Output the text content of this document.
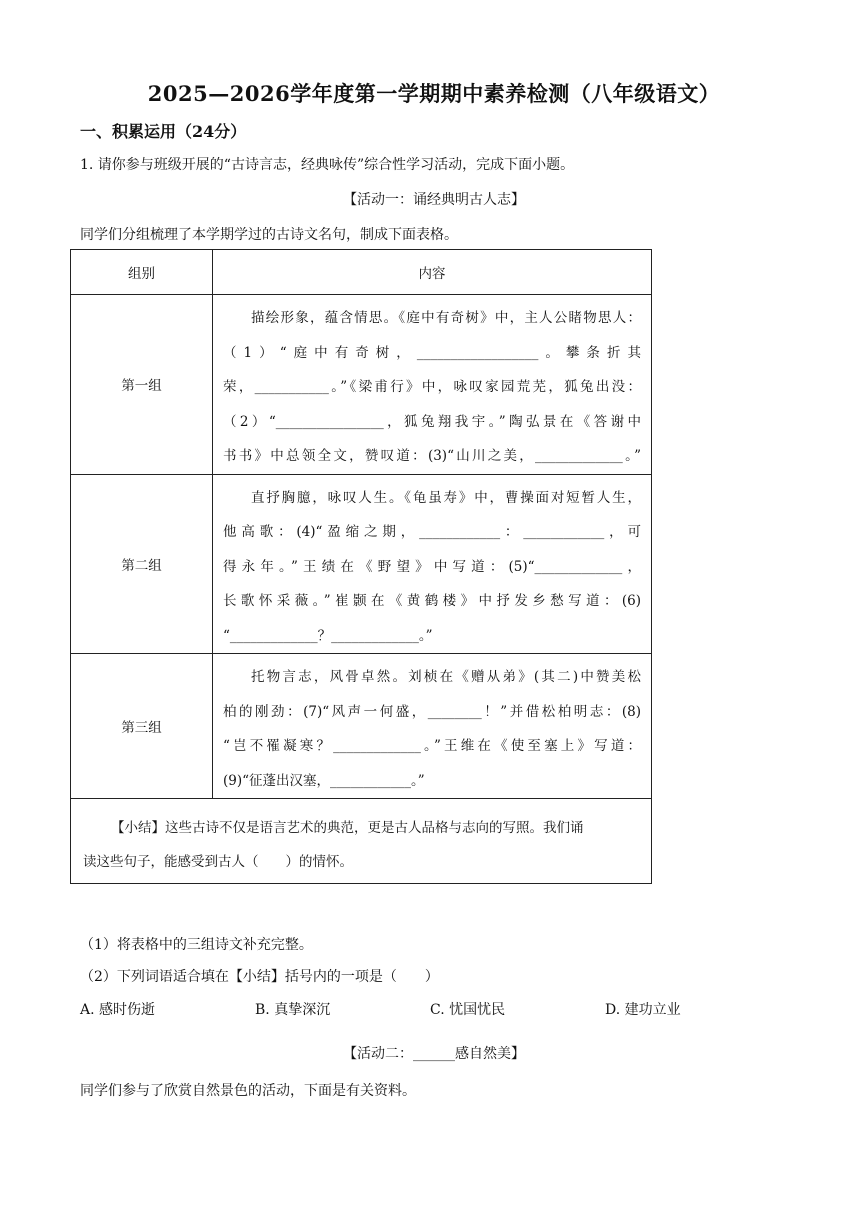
2025—2026学年度第一学期期中素养检测（八年级语文）
一、积累运用（24分）
1. 请你参与班级开展的“古诗言志，经典咏传”综合性学习活动，完成下面小题。
【活动一：诵经典明古人志】
同学们分组梳理了本学期学过的古诗文名句，制成下面表格。
组别	内容
第一组	描绘形象，蕴含情思。《庭中有奇树》中，主人公睹物思人：
（1）“庭中有奇树，__________________。攀条折其
荣，___________。”《梁甫行》中，咏叹家园荒芜，狐兔出没：
（2）“________________，狐兔翔我宇。”陶弘景在《答谢中
书书》中总领全文，赞叹道：(3)“山川之美，_____________。”

第二组	直抒胸臆，咏叹人生。《龟虽寿》中，曹操面对短暂人生，
他高歌：(4)“盈缩之期，____________：____________，可
得永年。”王绩在《野望》中写道：(5)“_____________，
长歌怀采薇。”崔颢在《黄鹤楼》中抒发乡愁写道：(6)
“_____________？_____________。”

第三组	托物言志，风骨卓然。刘桢在《赠从弟》(其二)中赞美松
柏的刚劲：(7)“风声一何盛，________！”并借松柏明志：(8)
“岂不罹凝寒？_____________。”王维在《使至塞上》写道：
(9)“征蓬出汉塞，____________。”

【小结】这些古诗不仅是语言艺术的典范，更是古人品格与志向的写照。我们诵
读这些句子，能感受到古人（　　）的情怀。	
（1）将表格中的三组诗文补充完整。
（2）下列词语适合填在【小结】括号内的一项是（　　）
A. 感时伤逝	B. 真挚深沉	C. 忧国忧民	D. 建功立业
【活动二：______感自然美】
同学们参与了欣赏自然景色的活动，下面是有关资料。
